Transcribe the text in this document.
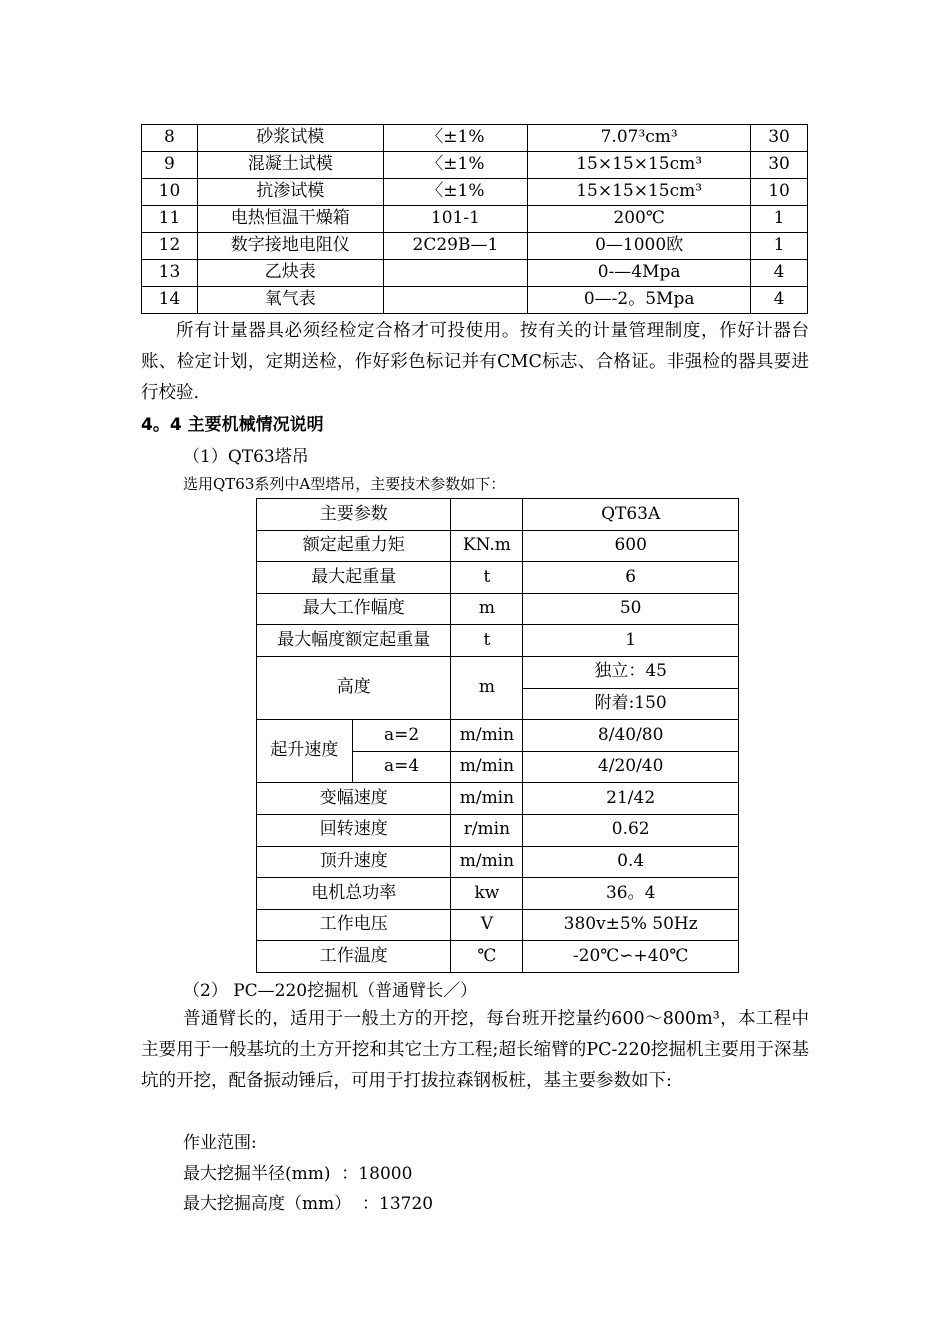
8	砂浆试模	〈±1%	7.07³cm³	30
9	混凝土试模	〈±1%	15×15×15cm³	30
10	抗渗试模	〈±1%	15×15×15cm³	10
11	电热恒温干燥箱	101-1	200℃	1
12	数字接地电阻仪	2C29B—1	0—1000欧	1
13	乙炔表		0-—4Mpa	4
14	氧气表		0—-2。5Mpa	4

所有计量器具必须经检定合格才可投使用。按有关的计量管理制度，作好计器台账、检定计划，定期送检，作好彩色标记并有CMC标志、合格证。非强检的器具要进行校验.

4。4 主要机械情况说明

（1）QT63塔吊

选用QT63系列中A型塔吊，主要技术参数如下：

主要参数			QT63A
额定起重力矩		KN.m	600
最大起重量		t	6
最大工作幅度		m	50
最大幅度额定起重量		t	1
高度		m	独立：45
			附着:150
起升速度	a=2	m/min	8/40/80
	a=4	m/min	4/20/40
变幅速度		m/min	21/42
回转速度		r/min	0.62
顶升速度		m/min	0.4
电机总功率		kw	36。4
工作电压		V	380v±5% 50Hz
工作温度		℃	-20℃∽+40℃

（2） PC—220挖掘机（普通臂长／）

普通臂长的，适用于一般土方的开挖，每台班开挖量约600～800m³，本工程中主要用于一般基坑的土方开挖和其它土方工程;超长缩臂的PC-220挖掘机主要用于深基坑的开挖，配备振动锤后，可用于打拔拉森钢板桩，基主要参数如下:

作业范围:

最大挖掘半径(mm)  ：18000

最大挖掘高度（mm）  ：13720
